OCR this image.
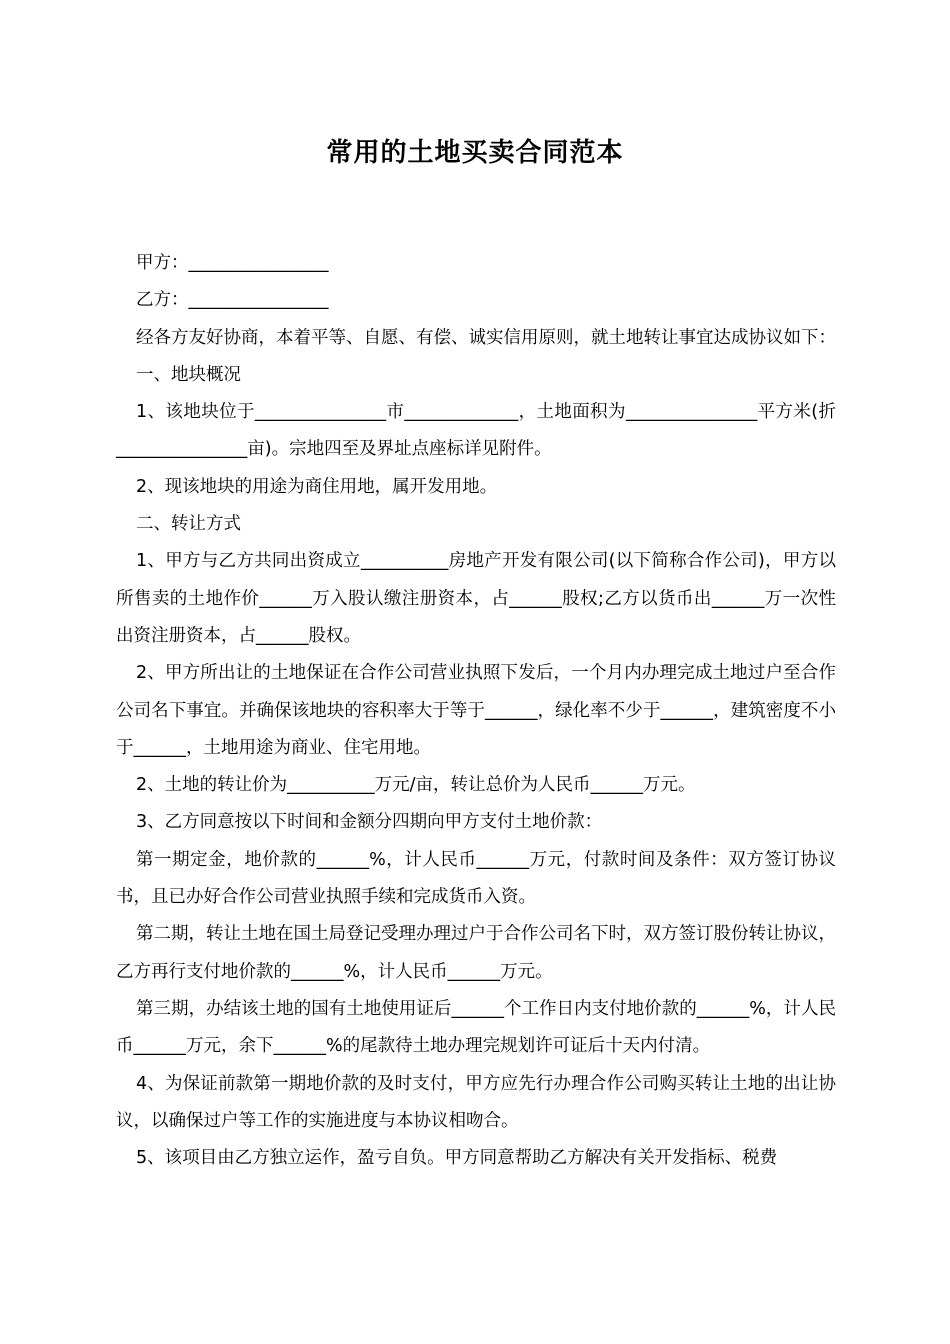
常用的土地买卖合同范本

甲方：________________

乙方：________________

经各方友好协商，本着平等、自愿、有偿、诚实信用原则，就土地转让事宜达成协议如下：

一、地块概况

1、该地块位于_______________市_____________，土地面积为_______________平方米(折_______________亩)。宗地四至及界址点座标详见附件。

2、现该地块的用途为商住用地，属开发用地。

二、转让方式

1、甲方与乙方共同出资成立__________房地产开发有限公司(以下简称合作公司)，甲方以所售卖的土地作价______万入股认缴注册资本，占______股权;乙方以货币出______万一次性出资注册资本，占______股权。

2、甲方所出让的土地保证在合作公司营业执照下发后，一个月内办理完成土地过户至合作公司名下事宜。并确保该地块的容积率大于等于______，绿化率不少于______，建筑密度不小于______，土地用途为商业、住宅用地。

2、土地的转让价为__________万元/亩，转让总价为人民币______万元。

3、乙方同意按以下时间和金额分四期向甲方支付土地价款：

第一期定金，地价款的______%，计人民币______万元，付款时间及条件：双方签订协议书，且已办好合作公司营业执照手续和完成货币入资。

第二期，转让土地在国土局登记受理办理过户于合作公司名下时，双方签订股份转让协议，乙方再行支付地价款的______%，计人民币______万元。

第三期，办结该土地的国有土地使用证后______个工作日内支付地价款的______%，计人民币______万元，余下______%的尾款待土地办理完规划许可证后十天内付清。

4、为保证前款第一期地价款的及时支付，甲方应先行办理合作公司购买转让土地的出让协议，以确保过户等工作的实施进度与本协议相吻合。

5、该项目由乙方独立运作，盈亏自负。甲方同意帮助乙方解决有关开发指标、税费
